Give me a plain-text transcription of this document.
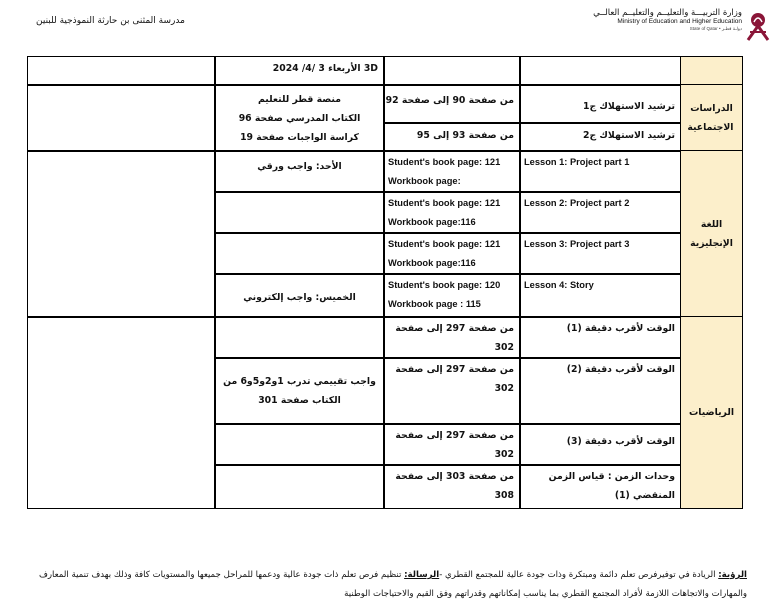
مدرسة المثنى بن حارثة النموذجية للبنين
وزارة التربيـــة والتعليــم والتعليــم العالــي
Ministry of Education and Higher Education
State of Qatar • دولـة قطـر
3D الأربعاء 3 /4/ 2024
منصة قطر للتعليم
الكتاب المدرسي صفحة 96
كراسة الواجبات صفحة 19
من صفحة 90 إلى صفحة 92
من صفحة 93 إلى 95
ترشيد الاستهلاك ج1
ترشيد الاستهلاك ج2
الدراسات الاجتماعية
الأحد: واجب ورقي	Student's book page: 121
Workbook page:
Lesson 1: Project part 1
Student's book page: 121
Workbook page:116
Lesson 2: Project part 2
Student's book page: 121
Workbook page:116
Lesson 3: Project part 3
الخميس: واجب إلكتروني
Student's book page: 120
Workbook page : 115
Lesson 4: Story
اللغة الإنجليزية
من صفحة 297 إلى صفحة
302
الوقت لأقرب دقيقة (1)
واجب تقييمي تدرب 1و2و5و6 من
الكتاب صفحة 301
من صفحة 297 إلى صفحة
302
الوقت لأقرب دقيقة (2)
من صفحة 297 إلى صفحة
302
الوقت لأقرب دقيقة (3)
من صفحة 303 إلى صفحة
308
وحدات الزمن : قياس الزمن
المنقضي (1)
الرياضيات
الرؤية: الريادة في توفيرفرص تعلم دائمة ومبتكرة وذات جودة عالية للمجتمع القطري -الرسالة: تنظيم فرص تعلم ذات جودة عالية ودعمها للمراحل جميعها والمستويات كافة وذلك بهدف تنمية المعارف
والمهارات والاتجاهات اللازمة لأفراد المجتمع القطري بما يناسب إمكاناتهم وقدراتهم وفق القيم والاحتياجات الوطنية
